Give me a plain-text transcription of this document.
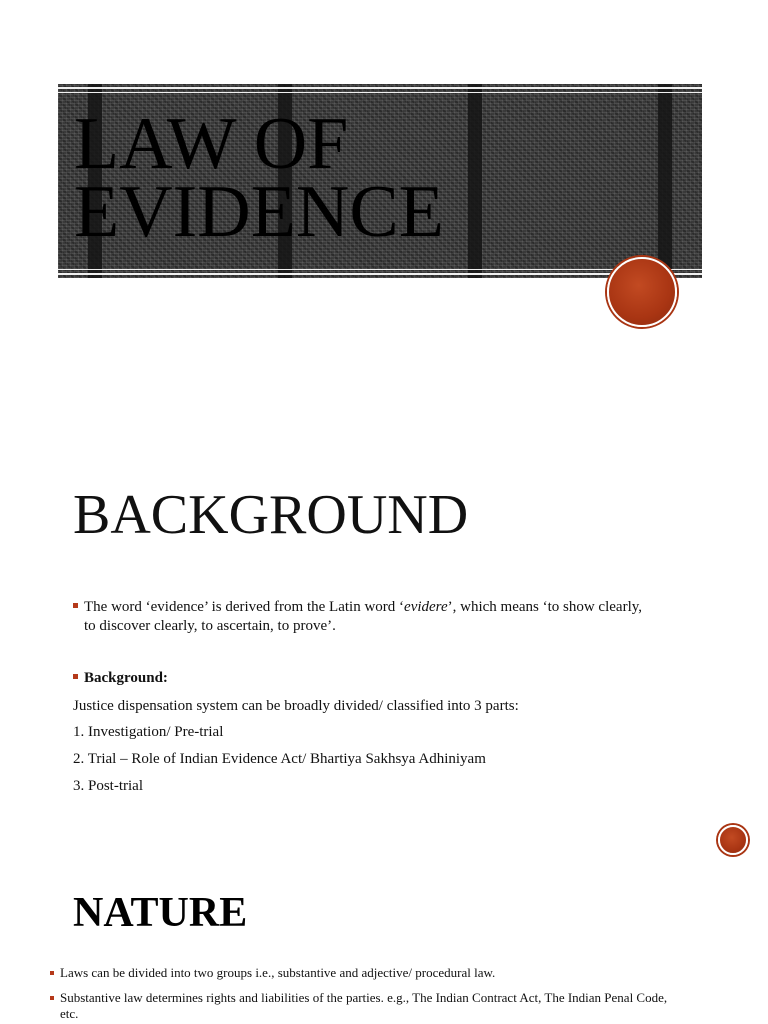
LAW OF
EVIDENCE
BACKGROUND
The word ‘evidence’ is derived from the Latin word ‘evidere’, which means ‘to show clearly,
to discover clearly, to ascertain, to prove’.
Background:
Justice dispensation system can be broadly divided/ classified into 3 parts:
1. Investigation/ Pre-trial
2. Trial – Role of Indian Evidence Act/ Bhartiya Sakhsya Adhiniyam
3. Post-trial
NATURE
Laws can be divided into two groups i.e., substantive and adjective/ procedural law.
Substantive law determines rights and liabilities of the parties. e.g., The Indian Contract Act, The Indian Penal Code,
etc.
